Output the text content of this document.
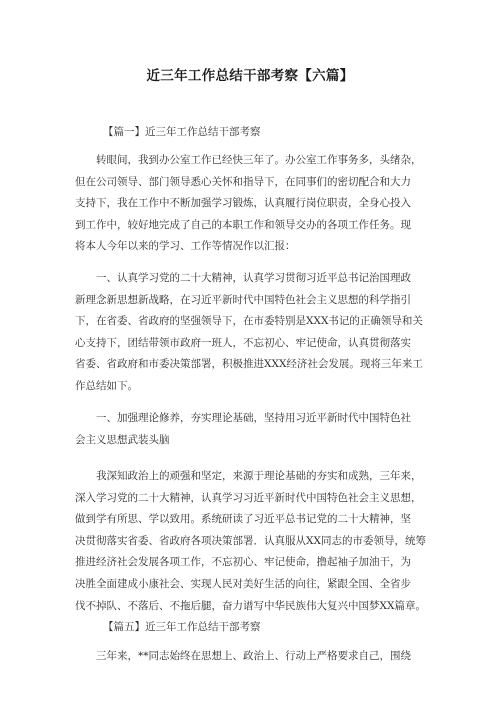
近三年工作总结干部考察【六篇】
【篇一】近三年工作总结干部考察
　　转眼间，我到办公室工作已经快三年了。办公室工作事务多，头绪杂，
但在公司领导、部门领导悉心关怀和指导下，在同事们的密切配合和大力
支持下，我在工作中不断加强学习锻炼，认真履行岗位职责，全身心投入
到工作中，较好地完成了自己的本职工作和领导交办的各项工作任务。现
将本人今年以来的学习、工作等情况作以汇报：
　　一、认真学习党的二十大精神，认真学习贯彻习近平总书记治国理政
新理念新思想新战略，在习近平新时代中国特色社会主义思想的科学指引
下，在省委、省政府的坚强领导下，在市委特别是XXX书记的正确领导和关
心支持下，团结带领市政府一班人，不忘初心、牢记使命，认真贯彻落实
省委、省政府和市委决策部署，积极推进XXX经济社会发展。现将三年来工
作总结如下。
　　一、加强理论修养，夯实理论基础，坚持用习近平新时代中国特色社
会主义思想武装头脑
　　我深知政治上的顽强和坚定，来源于理论基础的夯实和成熟，三年来，
深入学习党的二十大精神，认真学习习近平新时代中国特色社会主义思想，
做到学有所思、学以致用。系统研读了习近平总书记党的二十大精神，坚
决贯彻落实省委、省政府各项决策部署．认真服从XX同志的市委领导，统筹
推进经济社会发展各项工作，不忘初心、牢记使命，撸起袖子加油干，为
决胜全面建成小康社会、实现人民对美好生活的向往，紧跟全国、全省步
伐不掉队、不落后、不拖后腿，奋力谱写中华民族伟大复兴中国梦XX篇章。
【篇五】近三年工作总结干部考察
　　三年来，**同志始终在思想上、政治上、行动上严格要求自己，围绕
